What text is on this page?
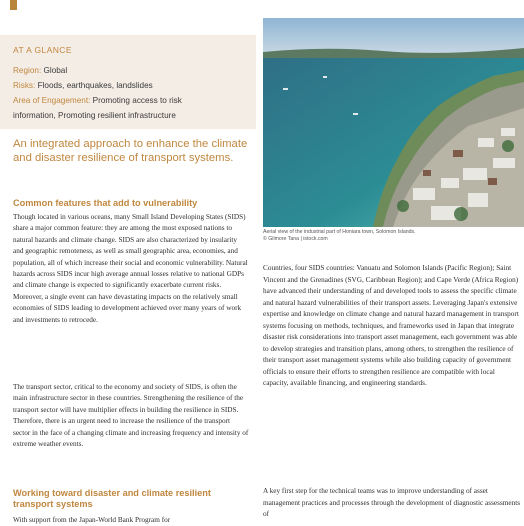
AT A GLANCE
Region: Global
Risks: Floods, earthquakes, landslides
Area of Engagement: Promoting access to risk
information, Promoting resilient infrastructure
An integrated approach to enhance the climate and disaster resilience of transport systems.
Common features that add to vulnerability
Though located in various oceans, many Small Island Developing States (SIDS) share a major common feature: they are among the most exposed nations to natural hazards and climate change. SIDS are also characterized by insularity and geographic remoteness, as well as small geographic area, economies, and population, all of which increase their social and economic vulnerability. Natural hazards across SIDS incur high average annual losses relative to national GDPs and climate change is expected to significantly exacerbate current risks. Moreover, a single event can have devastating impacts on the relatively small economies of SIDS leading to development achieved over many years of work and investments to retrocede.
The transport sector, critical to the economy and society of SIDS, is often the main infrastructure sector in these countries. Strengthening the resilience of the transport sector will have multiplier effects in building the resilience in SIDS. Therefore, there is an urgent need to increase the resilience of the transport sector in the face of a changing climate and increasing frequency and intensity of extreme weather events.
Working toward disaster and climate resilient transport systems
With support from the Japan-World Bank Program for
Aerial view of the industrial part of Honiara town, Solomon Islands.
© Gilmore Tana | istock.com
Countries, four SIDS countries: Vanuatu and Solomon Islands (Pacific Region); Saint Vincent and the Grenadines (SVG, Caribbean Region); and Cape Verde (Africa Region) have advanced their understanding of and developed tools to assess the specific climate and natural hazard vulnerabilities of their transport assets. Leveraging Japan's extensive expertise and knowledge on climate change and natural hazard management in transport systems focusing on methods, techniques, and frameworks used in Japan that integrate disaster risk considerations into transport asset management, each government was able to develop strategies and transition plans, among others, to strengthen the resilience of their transport asset management systems while also building capacity of government officials to ensure their efforts to strengthen resilience are compatible with local capacity, available financing, and engineering standards.
A key first step for the technical teams was to improve understanding of asset management practices and processes through the development of diagnostic assessments of
